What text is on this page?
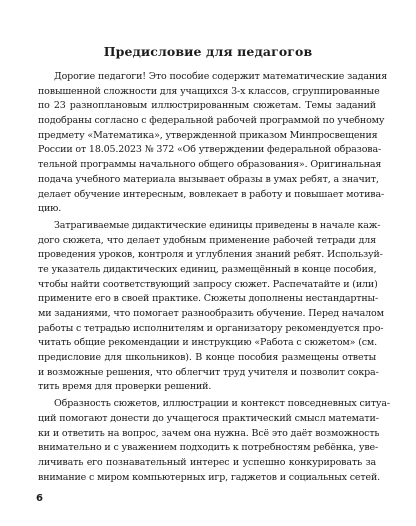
Предисловие для педагогов
Дорогие педагоги! Это пособие содержит математические задания
повышенной сложности для учащихся 3-х классов, сгруппированные
по 23 разноплановым иллюстрированным сюжетам. Темы заданий
подобраны согласно с федеральной рабочей программой по учебному
предмету «Математика», утвержденной приказом Минпросвещения
России от 18.05.2023 № 372 «Об утверждении федеральной образова-
тельной программы начального общего образования». Оригинальная
подача учебного материала вызывает образы в умах ребят, а значит,
делает обучение интересным, вовлекает в работу и повышает мотива-
цию.
Затрагиваемые дидактические единицы приведены в начале каж-
дого сюжета, что делает удобным применение рабочей тетради для
проведения уроков, контроля и углубления знаний ребят. Используй-
те указатель дидактических единиц, размещённый в конце пособия,
чтобы найти соответствующий запросу сюжет. Распечатайте и (или)
примените его в своей практике. Сюжеты дополнены нестандартны-
ми заданиями, что помогает разнообразить обучение. Перед началом
работы с тетрадью исполнителям и организатору рекомендуется про-
читать общие рекомендации и инструкцию «Работа с сюжетом» (см.
предисловие для школьников). В конце пособия размещены ответы
и возможные решения, что облегчит труд учителя и позволит сокра-
тить время для проверки решений.
Образность сюжетов, иллюстрации и контекст повседневных ситуа-
ций помогают донести до учащегося практический смысл математи-
ки и ответить на вопрос, зачем она нужна. Всё это даёт возможность
внимательно и с уважением подходить к потребностям ребёнка, уве-
личивать его познавательный интерес и успешно конкурировать за
внимание с миром компьютерных игр, гаджетов и социальных сетей.
6
